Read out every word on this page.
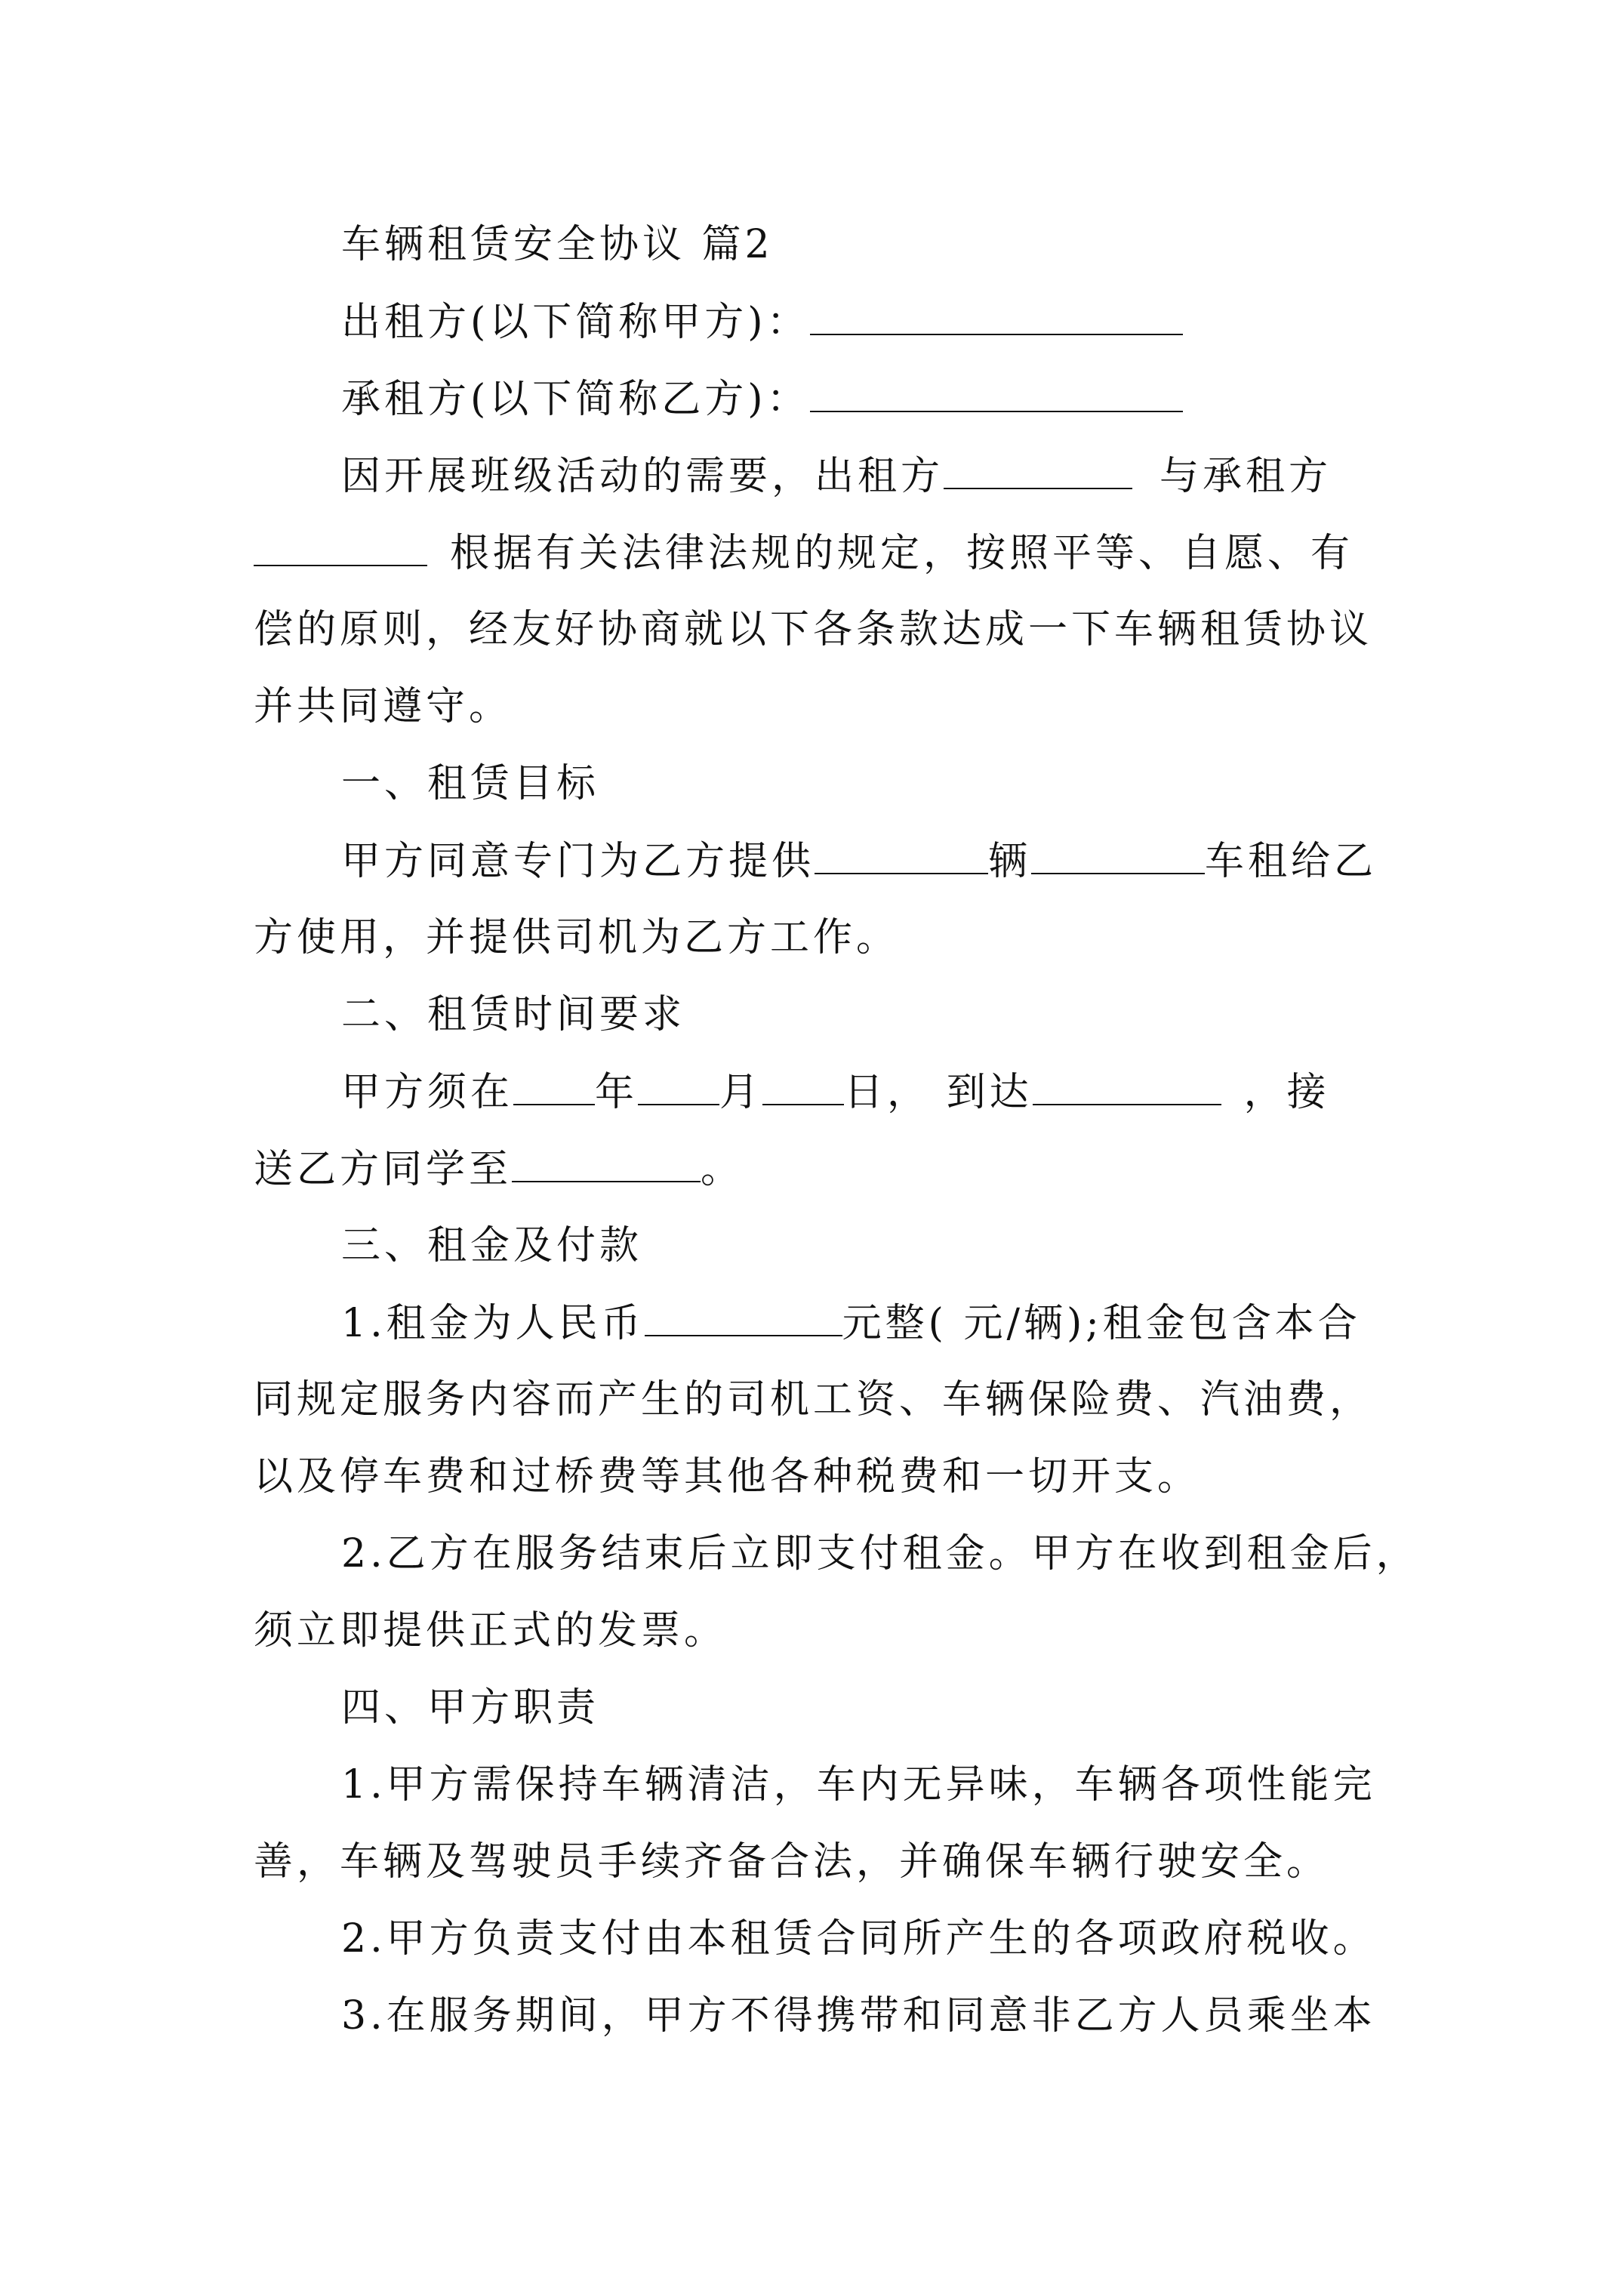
车辆租赁安全协议 篇2
出租方(以下简称甲方)：
承租方(以下简称乙方)：
因开展班级活动的需要，出租方	与承租方
根据有关法律法规的规定，按照平等、自愿、有
偿的原则，经友好协商就以下各条款达成一下车辆租赁协议
并共同遵守。
一、租赁目标
甲方同意专门为乙方提供	辆	车租给乙
方使用，并提供司机为乙方工作。
二、租赁时间要求
甲方须在 年 月 日， 到达	，接
送乙方同学至	。
三、租金及付款
1.租金为人民币	元整( 元/辆);租金包含本合
同规定服务内容而产生的司机工资、车辆保险费、汽油费，
以及停车费和过桥费等其他各种税费和一切开支。
2.乙方在服务结束后立即支付租金。甲方在收到租金后，
须立即提供正式的发票。
四、甲方职责
1.甲方需保持车辆清洁，车内无异味，车辆各项性能完
善，车辆及驾驶员手续齐备合法，并确保车辆行驶安全。
2.甲方负责支付由本租赁合同所产生的各项政府税收。
3.在服务期间，甲方不得携带和同意非乙方人员乘坐本
